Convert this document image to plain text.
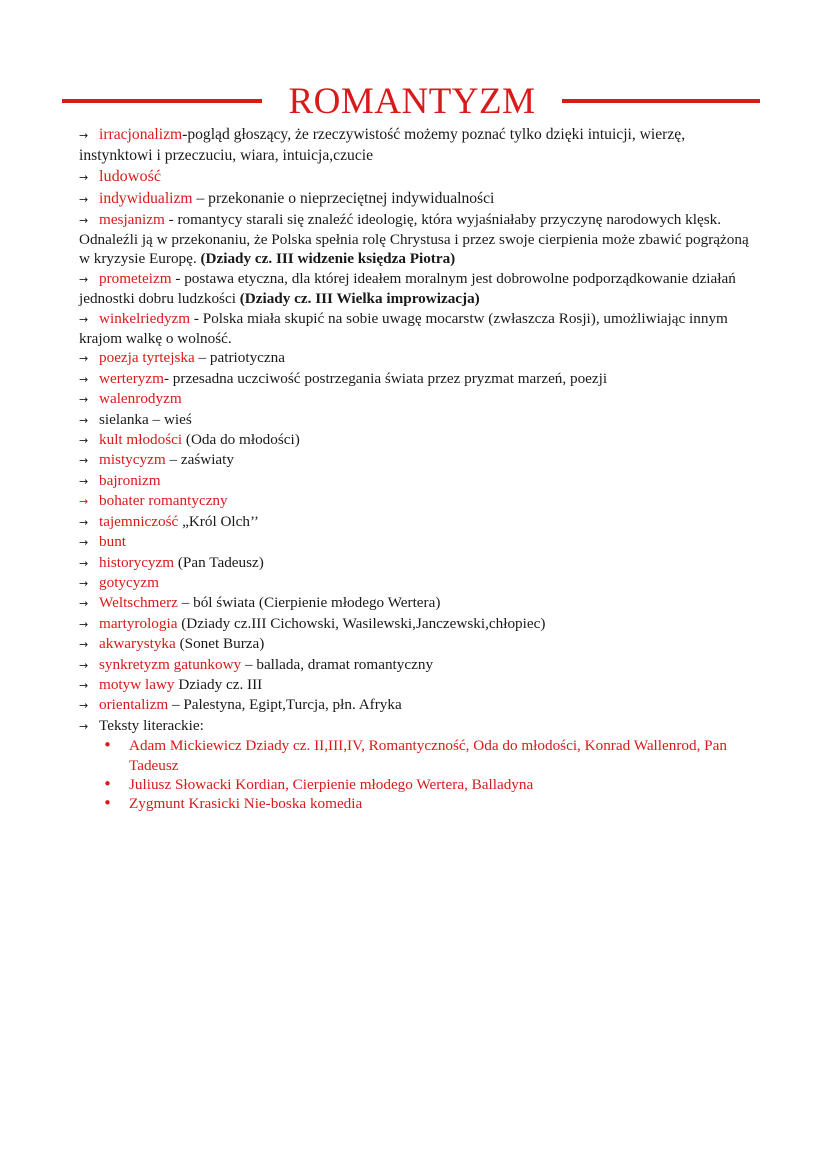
ROMANTYZM

→ irracjonalizm-pogląd głoszący, że rzeczywistość możemy poznać tylko dzięki intuicji, wierzę, instynktowi i przeczuciu, wiara, intuicja,czucie

→ ludowość

→ indywidualizm – przekonanie o nieprzeciętnej indywidualności

→ mesjanizm - romantycy starali się znaleźć ideologię, która wyjaśniałaby przyczynę narodowych klęsk. Odnaleźli ją w przekonaniu, że Polska spełnia rolę Chrystusa i przez swoje cierpienia może zbawić pogrążoną w kryzysie Europę. (Dziady cz. III widzenie księdza Piotra)

→ prometeizm - postawa etyczna, dla której ideałem moralnym jest dobrowolne podporządkowanie działań jednostki dobru ludzkości (Dziady cz. III Wielka improwizacja)

→ winkelriedyzm - Polska miała skupić na sobie uwagę mocarstw (zwłaszcza Rosji), umożliwiając innym krajom walkę o wolność.

→ poezja tyrtejska – patriotyczna

→ werteryzm- przesadna uczciwość postrzegania świata przez pryzmat marzeń, poezji

→ walenrodyzm

→ sielanka – wieś

→ kult młodości (Oda do młodości)

→ mistycyzm – zaświaty

→ bajronizm

→ bohater romantyczny

→ tajemniczość „Król Olch’’

→ bunt

→ historycyzm (Pan Tadeusz)

→ gotycyzm

→ Weltschmerz – ból świata (Cierpienie młodego Wertera)

→ martyrologia (Dziady cz.III Cichowski, Wasilewski,Janczewski,chłopiec)

→ akwarystyka (Sonet Burza)

→ synkretyzm gatunkowy – ballada, dramat romantyczny

→ motyw lawy Dziady cz. III

→ orientalizm – Palestyna, Egipt,Turcja, płn. Afryka

→ Teksty literackie:

• Adam Mickiewicz Dziady cz. II,III,IV, Romantyczność, Oda do młodości, Konrad Wallenrod, Pan Tadeusz
• Juliusz Słowacki Kordian, Cierpienie młodego Wertera, Balladyna
• Zygmunt Krasicki Nie-boska komedia
